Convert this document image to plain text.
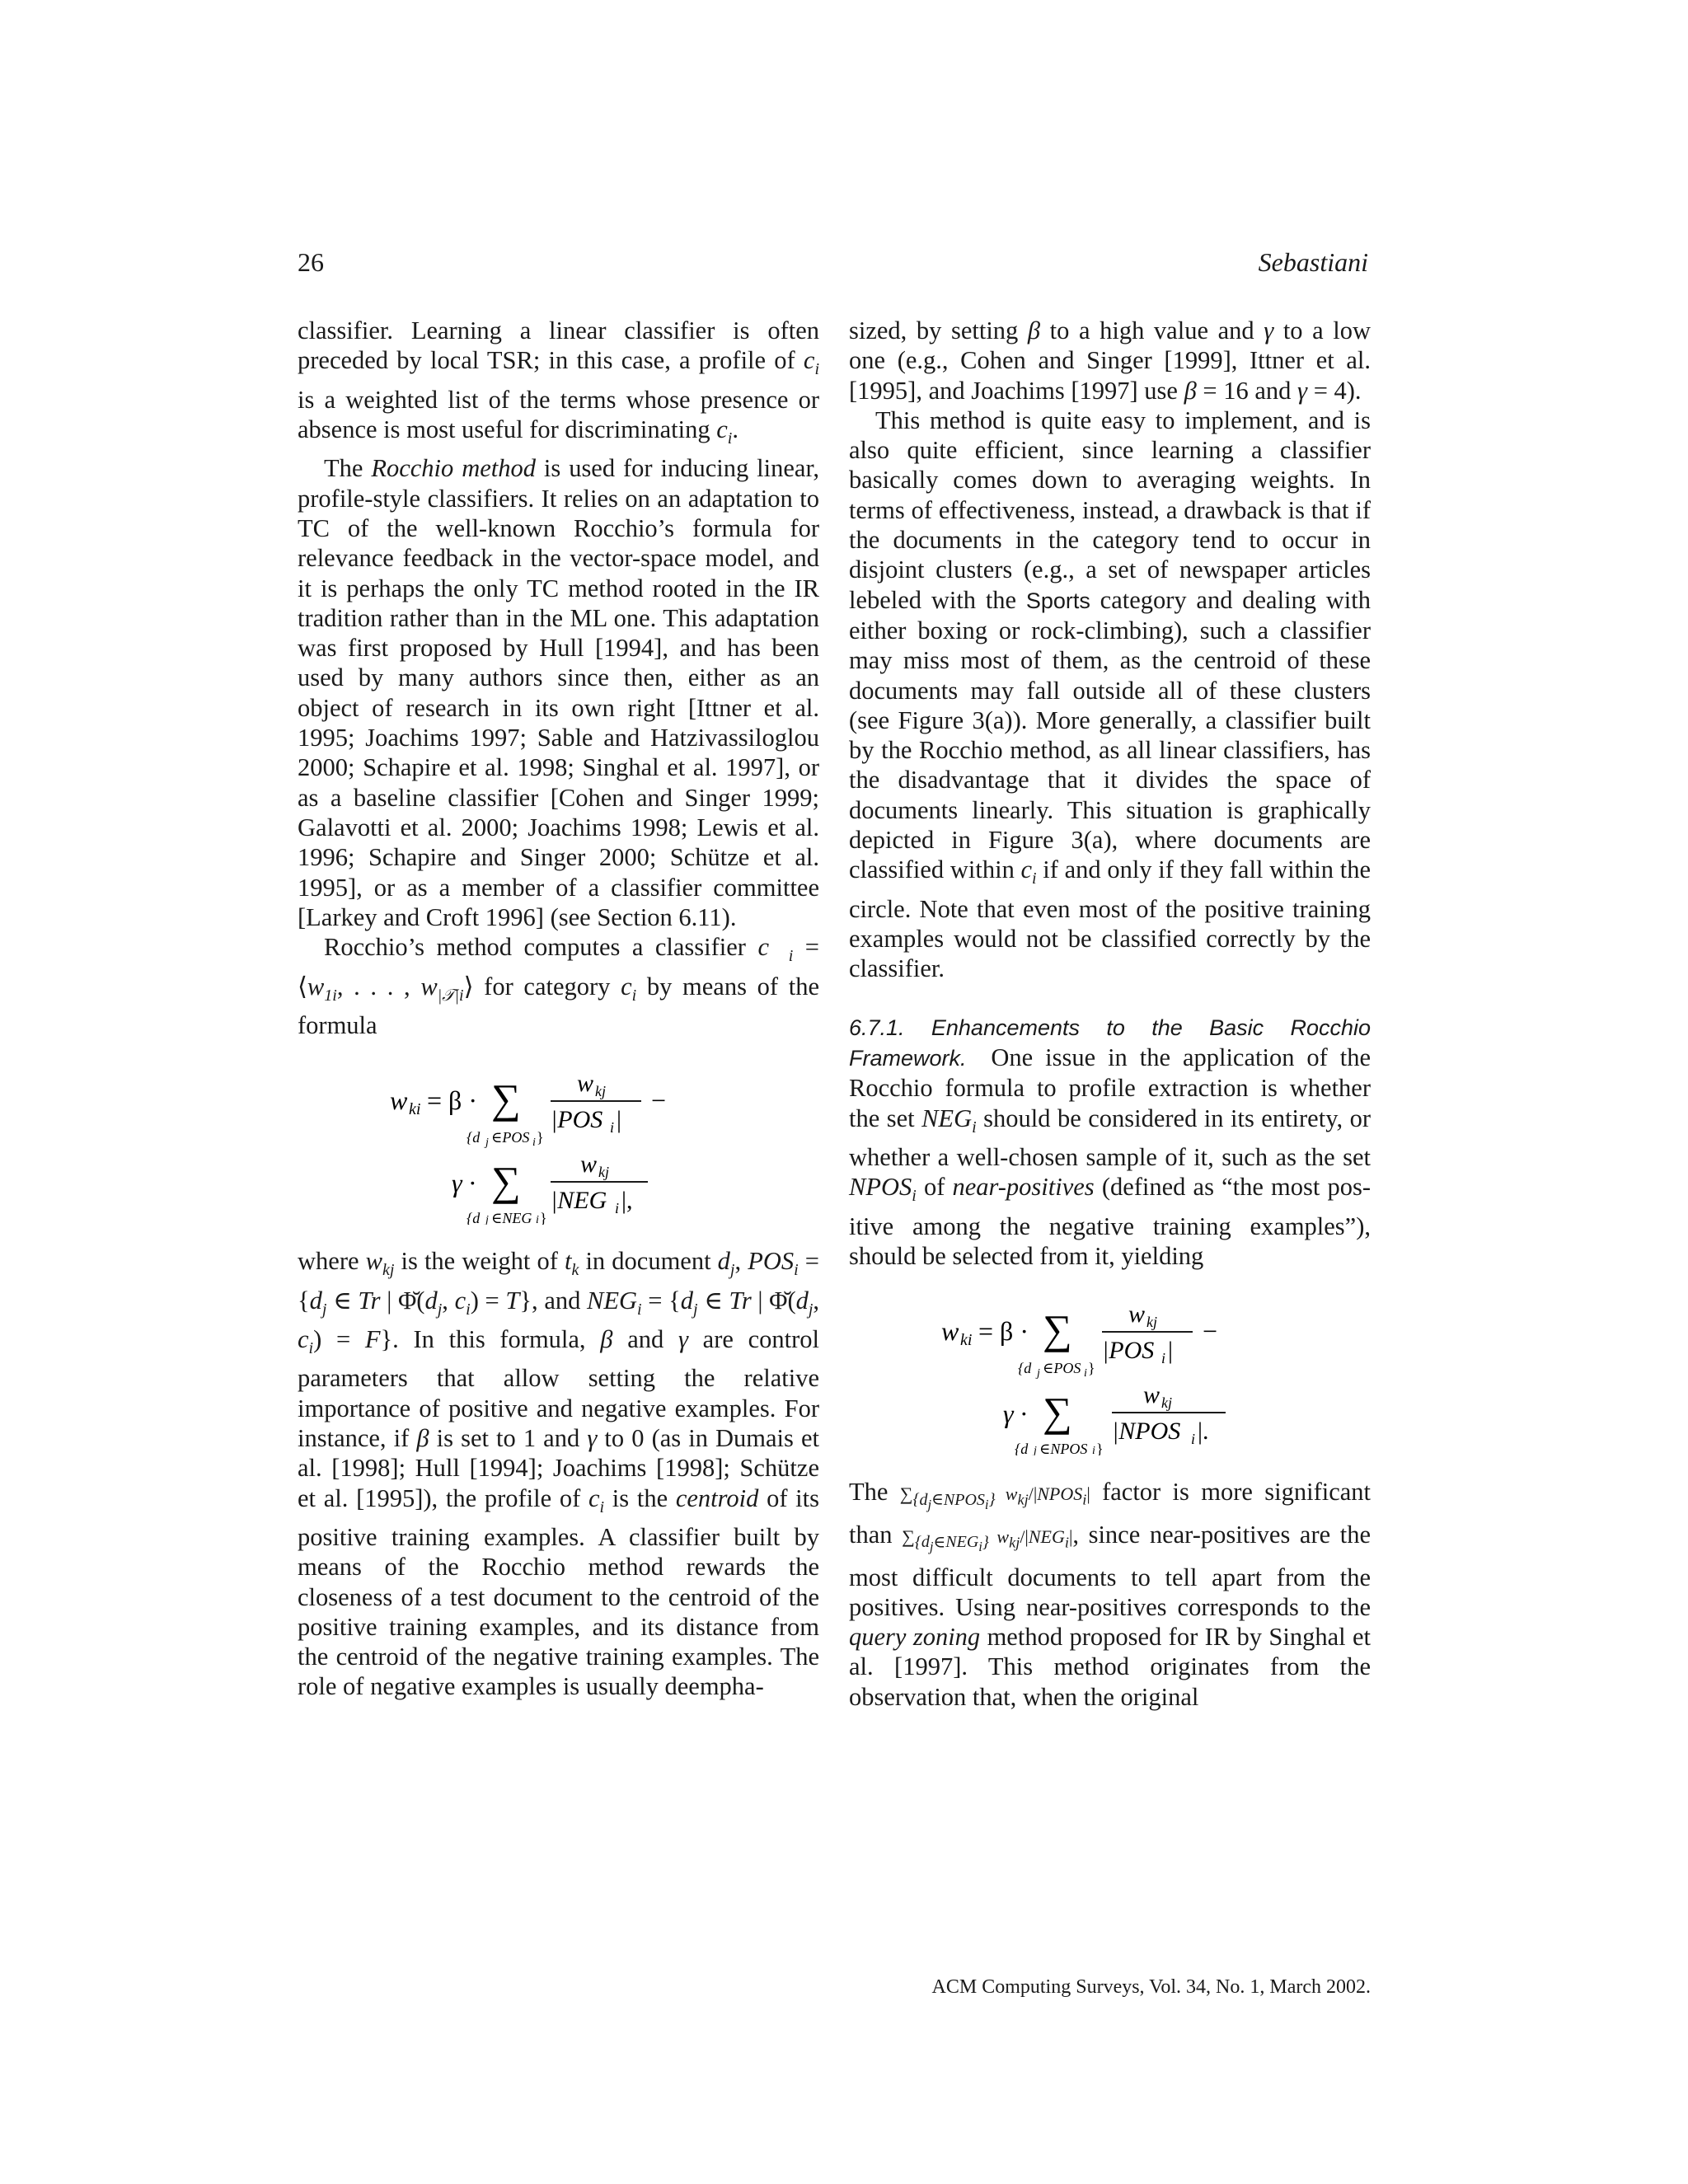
26	Sebastiani

classifier. Learning a linear classifier is often preceded by local TSR; in this case, a profile of $c_i$ is a weighted list of the terms whose presence or absence is most useful for discriminating $c_i$.

The Rocchio method is used for inducing linear, profile-style classifiers. It relies on an adaptation to TC of the well-known Rocchio’s formula for relevance feedback in the vector-space model, and it is perhaps the only TC method rooted in the IR tradition rather than in the ML one. This adaptation was first proposed by Hull [1994], and has been used by many authors since then, either as an object of research in its own right [Ittner et al. 1995; Joachims 1997; Sable and Hatzivassiloglou 2000; Schapire et al. 1998; Singhal et al. 1997], or as a baseline classifier [Cohen and Singer 1999; Galavotti et al. 2000; Joachims 1998; Lewis et al. 1996; Schapire and Singer 2000; Schütze et al. 1995], or as a member of a classifier committee [Larkey and Croft 1996] (see Section 6.11).

Rocchio’s method computes a classifier $c⃗_i$ = $⟨w_{1i}$, . . . , $w_{|𝒯|i}⟩$ for category $c_i$ by means of the formula

w ki = β · ∑
{d j ∈POS i }
w kj
|POS i |
−
γ · ∑
{d j ∈NEG i }
w kj
|NEG i |,

where $w_{kj}$ is the weight of $t_k$ in document $d_j$, $POS_i = \{d_j$ ∈ Tr | $\Phĭ(d_j$, $c_i) = T$}, and $NEG_i = \{d_j$ ∈ Tr | $\Phĭ(d_j$, $c_i) = F$}. In this formula, β and γ are control parameters that allow setting the relative importance of positive and negative examples. For instance, if β is set to 1 and γ to 0 (as in Dumais et al. [1998]; Hull [1994]; Joachims [1998]; Schütze et al. [1995]), the profile of $c_i$ is the centroid of its positive training examples. A classifier built by means of the Rocchio method rewards the closeness of a test document to the centroid of the positive training examples, and its distance from the centroid of the negative training examples. The role of negative examples is usually deempha-

sized, by setting β to a high value and γ to a low one (e.g., Cohen and Singer [1999], Ittner et al. [1995], and Joachims [1997] use β = 16 and γ = 4).

This method is quite easy to implement, and is also quite efficient, since learning a classifier basically comes down to averaging weights. In terms of effectiveness, instead, a drawback is that if the documents in the category tend to occur in disjoint clusters (e.g., a set of newspaper articles lebeled with the Sports category and dealing with either boxing or rock-climbing), such a classifier may miss most of them, as the centroid of these documents may fall outside all of these clusters (see Figure 3(a)). More generally, a classifier built by the Rocchio method, as all linear classifiers, has the disadvantage that it divides the space of documents linearly. This situation is graphically depicted in Figure 3(a), where documents are classified within $c_i$ if and only if they fall within the circle. Note that even most of the positive training examples would not be classified correctly by the classifier.

6.7.1. Enhancements to the Basic Rocchio Framework.  One issue in the application of the Rocchio formula to profile extraction is whether the set $NEG_i$ should be considered in its entirety, or whether a well-chosen sample of it, such as the set $NPOS_i$ of near-positives (defined as “the most positive among the negative training examples”), should be selected from it, yielding

w ki = β · ∑
{d j ∈POS i }
w kj
|POS i |
−
γ · ∑
{d j ∈NPOS i }
w kj
|NPOS i |.

The $\sum_{\{d_j\in NPOS_i\}}$ $w_{kj}/|NPOS_i|$ factor is more significant than $\sum_{\{d_j\in NEG_i\}}$ $w_{kj}/|NEG_i|$, since near-positives are the most difficult documents to tell apart from the positives. Using near-positives corresponds to the query zoning method proposed for IR by Singhal et al. [1997]. This method originates from the observation that, when the original

ACM Computing Surveys, Vol. 34, No. 1, March 2002.
